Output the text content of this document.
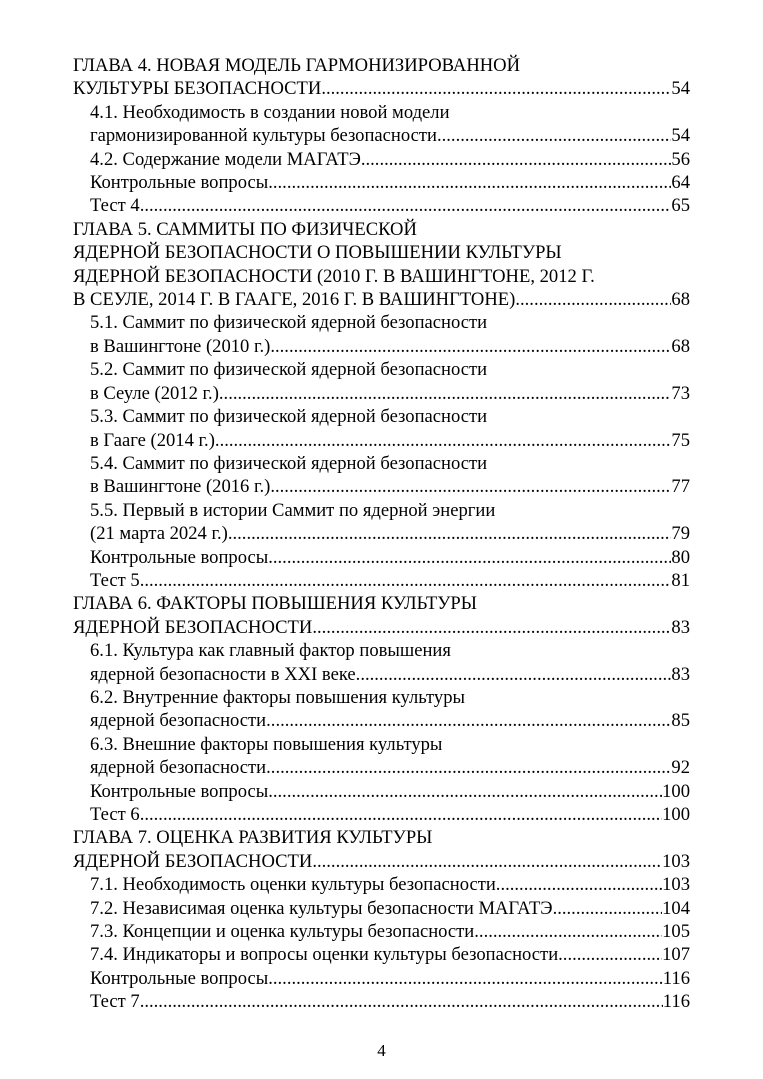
ГЛАВА 4. НОВАЯ МОДЕЛЬ ГАРМОНИЗИРОВАННОЙ
КУЛЬТУРЫ БЕЗОПАСНОСТИ .....	54
4.1. Необходимость в создании новой модели
гармонизированной культуры безопасности .....	54
4.2. Содержание модели МАГАТЭ .....	56
Контрольные вопросы .....	64
Тест 4 .....	65
ГЛАВА 5. САММИТЫ ПО ФИЗИЧЕСКОЙ
ЯДЕРНОЙ БЕЗОПАСНОСТИ О ПОВЫШЕНИИ КУЛЬТУРЫ
ЯДЕРНОЙ БЕЗОПАСНОСТИ (2010 Г. В ВАШИНГТОНЕ, 2012 Г.
В СЕУЛЕ, 2014 Г. В ГААГЕ, 2016 Г. В ВАШИНГТОНЕ) .....	68
5.1. Саммит по физической ядерной безопасности
в Вашингтоне (2010 г.) .....	68
5.2. Саммит по физической ядерной безопасности
в Сеуле (2012 г.) .....	73
5.3. Саммит по физической ядерной безопасности
в Гааге (2014 г.). .....	75
5.4. Саммит по физической ядерной безопасности
в Вашингтоне (2016 г.) .....	77
5.5. Первый в истории Саммит по ядерной энергии
(21 марта 2024 г.) .....	79
Контрольные вопросы .....	80
Тест 5 .....	81
ГЛАВА 6. ФАКТОРЫ ПОВЫШЕНИЯ КУЛЬТУРЫ
ЯДЕРНОЙ БЕЗОПАСНОСТИ .....	83
6.1. Культура как главный фактор повышения
ядерной безопасности в XXI веке. .....	83
6.2. Внутренние факторы повышения культуры
ядерной безопасности .....	85
6.3. Внешние факторы повышения культуры
ядерной безопасности .....	92
Контрольные вопросы .....	100
Тест 6 .....	100
ГЛАВА 7. ОЦЕНКА РАЗВИТИЯ КУЛЬТУРЫ
ЯДЕРНОЙ БЕЗОПАСНОСТИ .....	103
7.1. Необходимость оценки культуры безопасности .....	103
7.2. Независимая оценка культуры безопасности МАГАТЭ .....	104
7.3. Концепции и оценка культуры безопасности .....	105
7.4. Индикаторы и вопросы оценки культуры безопасности .....	107
Контрольные вопросы .....	116
Тест 7 .....	116
4
